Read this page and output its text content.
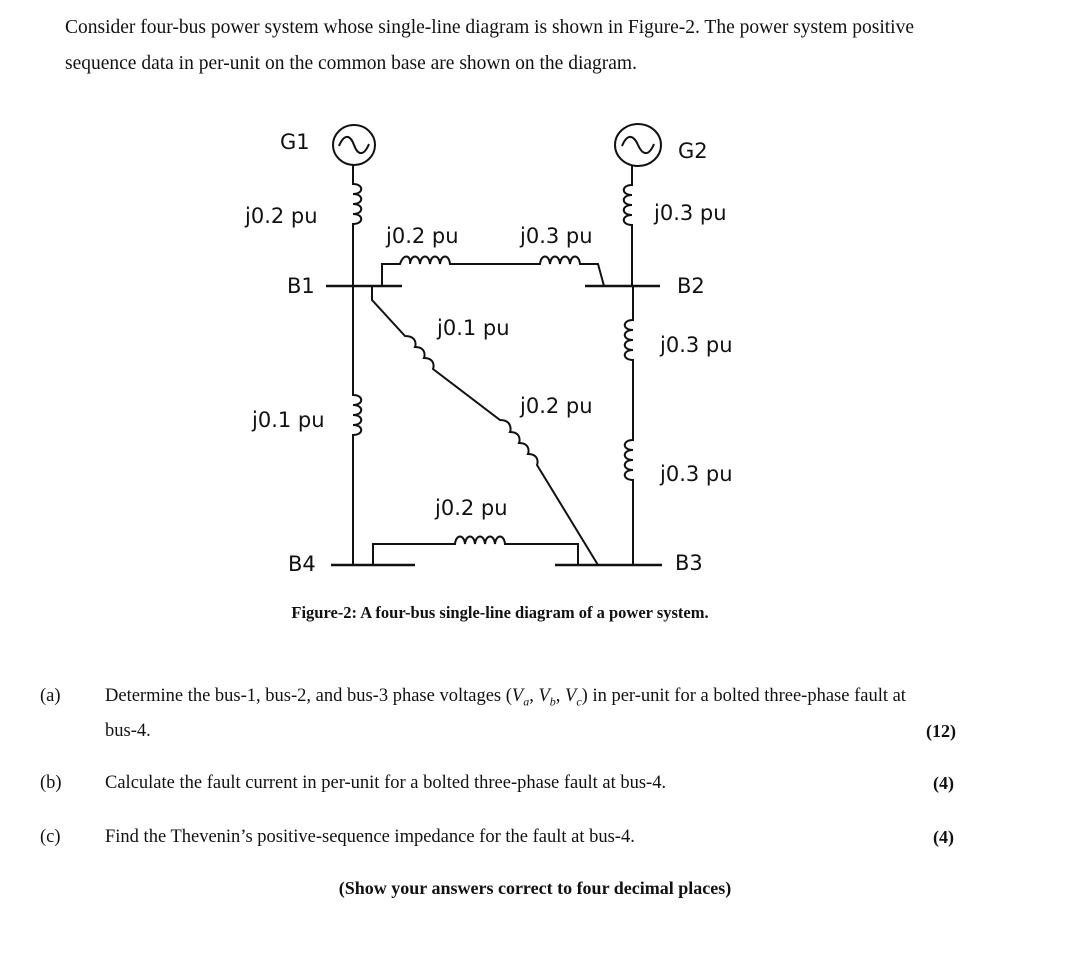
Consider four-bus power system whose single-line diagram is shown in Figure-2. The power system positive

sequence data in per-unit on the common base are shown on the diagram.

G1	G2
j0.2 pu	j0.3 pu
j0.2 pu	j0.3 pu
B1	B2
j0.1 pu
j0.3 pu
j0.2 pu
j0.1 pu
j0.3 pu
j0.2 pu
B4	B3
Figure-2: A four-bus single-line diagram of a power system.
(a) Determine the bus-1, bus-2, and bus-3 phase voltages ($V_a$, $V_b$, $V_c$) in per-unit for a bolted three-phase fault at
bus-4.	(12)
(b) Calculate the fault current in per-unit for a bolted three-phase fault at bus-4.	(4)
(c) Find the Thevenin’s positive-sequence impedance for the fault at bus-4.	(4)
(Show your answers correct to four decimal places)
